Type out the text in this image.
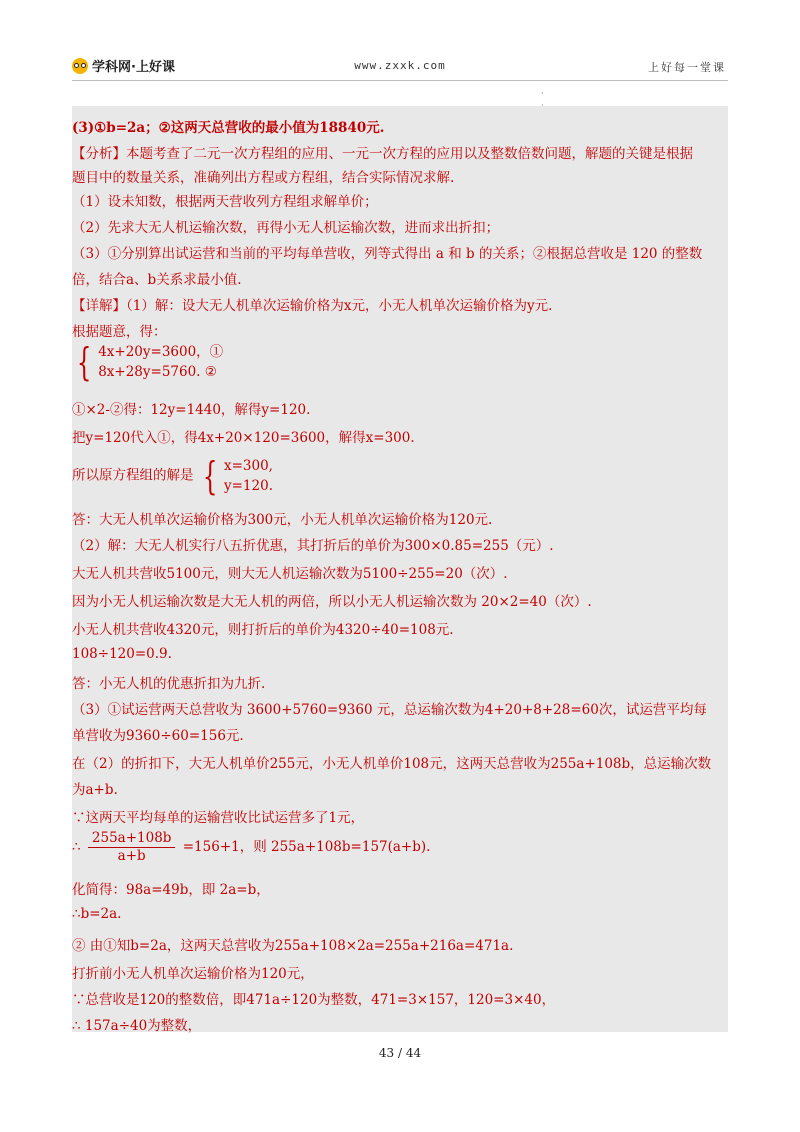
学科网·上好课	www.zxxk.com	上好每一堂课
·

(3)①b=2a；②这两天总营收的最小值为18840元.
【分析】本题考查了二元一次方程组的应用、一元一次方程的应用以及整数倍数问题，解题的关键是根据
题目中的数量关系，准确列出方程或方程组，结合实际情况求解.
（1）设未知数，根据两天营收列方程组求解单价；
（2）先求大无人机运输次数，再得小无人机运输次数，进而求出折扣；
（3）①分别算出试运营和当前的平均每单营收，列等式得出 a 和 b 的关系；②根据总营收是 120 的整数
倍，结合a、b关系求最小值.
【详解】（1）解：设大无人机单次运输价格为x元，小无人机单次运输价格为y元.
根据题意，得：
{ 4x+20y=3600，①
8x+28y=5760. ②
①×2-②得：12y=1440，解得y=120.
把y=120代入①，得4x+20×120=3600，解得x=300.
所以原方程组的解是 { x=300,
y=120.
答：大无人机单次运输价格为300元，小无人机单次运输价格为120元.
（2）解：大无人机实行八五折优惠，其打折后的单价为300×0.85=255（元）.
大无人机共营收5100元，则大无人机运输次数为5100÷255=20（次）.
因为小无人机运输次数是大无人机的两倍，所以小无人机运输次数为 20×2=40（次）.
小无人机共营收4320元，则打折后的单价为4320÷40=108元.
108÷120=0.9.
答：小无人机的优惠折扣为九折.
（3）①试运营两天总营收为 3600+5760=9360 元，总运输次数为4+20+8+28=60次，试运营平均每
单营收为9360÷60=156元.
在（2）的折扣下，大无人机单价255元，小无人机单价108元，这两天总营收为255a+108b，总运输次数
为a+b.
∵这两天平均每单的运输营收比试运营多了1元，
∴ $\frac{255a+108b}{a+b} =156+1$，则 255a+108b=157(a+b).
化简得：98a=49b，即 2a=b，
∴b=2a.
② 由①知b=2a，这两天总营收为255a+108×2a=255a+216a=471a.
打折前小无人机单次运输价格为120元，
∵总营收是120的整数倍，即471a÷120为整数，471=3×157，120=3×40，
∴ 157a÷40为整数，
43 / 44
